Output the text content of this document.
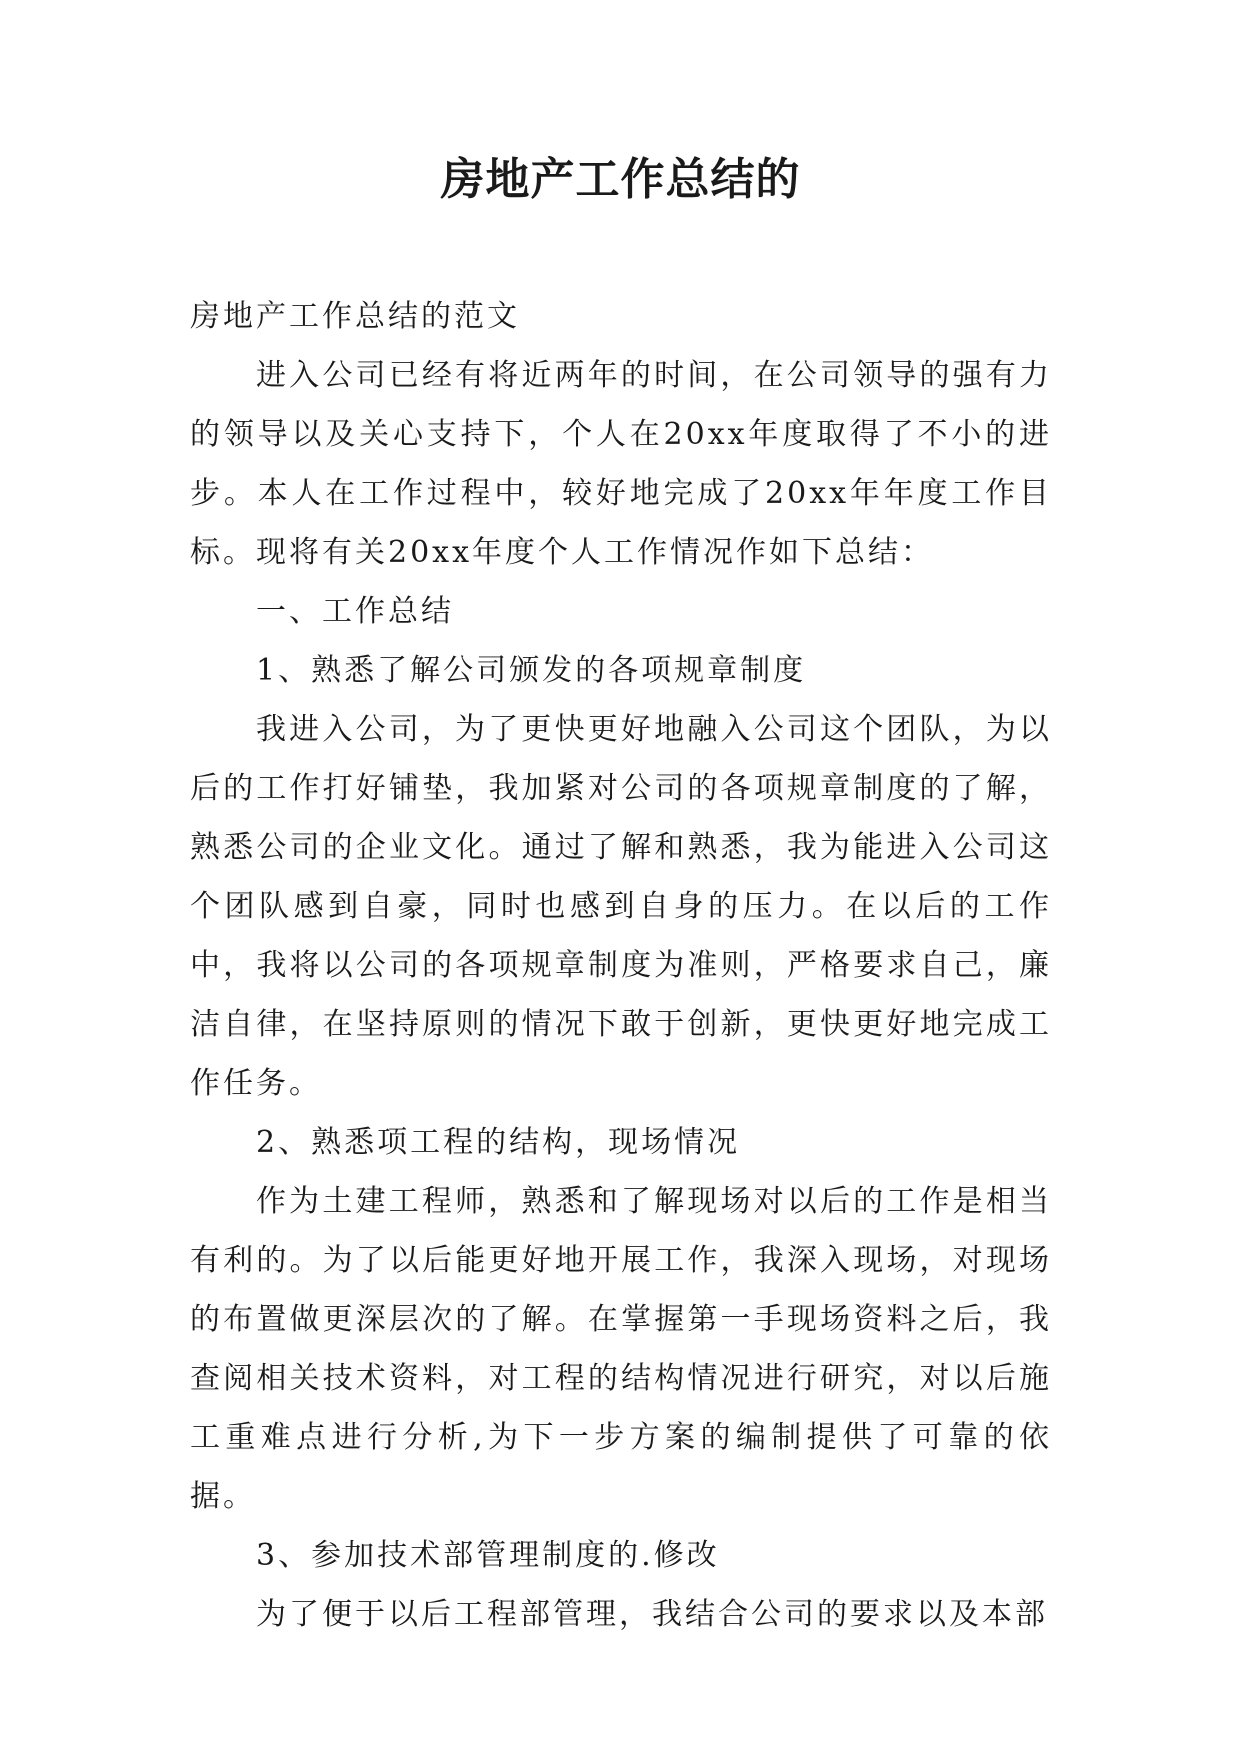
房地产工作总结的

房地产工作总结的范文

进入公司已经有将近两年的时间，在公司领导的强有力的领导以及关心支持下，个人在20xx年度取得了不小的进步。本人在工作过程中，较好地完成了20xx年年度工作目标。现将有关20xx年度个人工作情况作如下总结：

一、工作总结

1、熟悉了解公司颁发的各项规章制度

我进入公司，为了更快更好地融入公司这个团队，为以后的工作打好铺垫，我加紧对公司的各项规章制度的了解，熟悉公司的企业文化。通过了解和熟悉，我为能进入公司这个团队感到自豪，同时也感到自身的压力。在以后的工作中，我将以公司的各项规章制度为准则，严格要求自己，廉洁自律，在坚持原则的情况下敢于创新，更快更好地完成工作任务。

2、熟悉项工程的结构，现场情况

作为土建工程师，熟悉和了解现场对以后的工作是相当有利的。为了以后能更好地开展工作，我深入现场，对现场的布置做更深层次的了解。在掌握第一手现场资料之后，我查阅相关技术资料，对工程的结构情况进行研究，对以后施工重难点进行分析,为下一步方案的编制提供了可靠的依据。

3、参加技术部管理制度的.修改

为了便于以后工程部管理，我结合公司的要求以及本部
